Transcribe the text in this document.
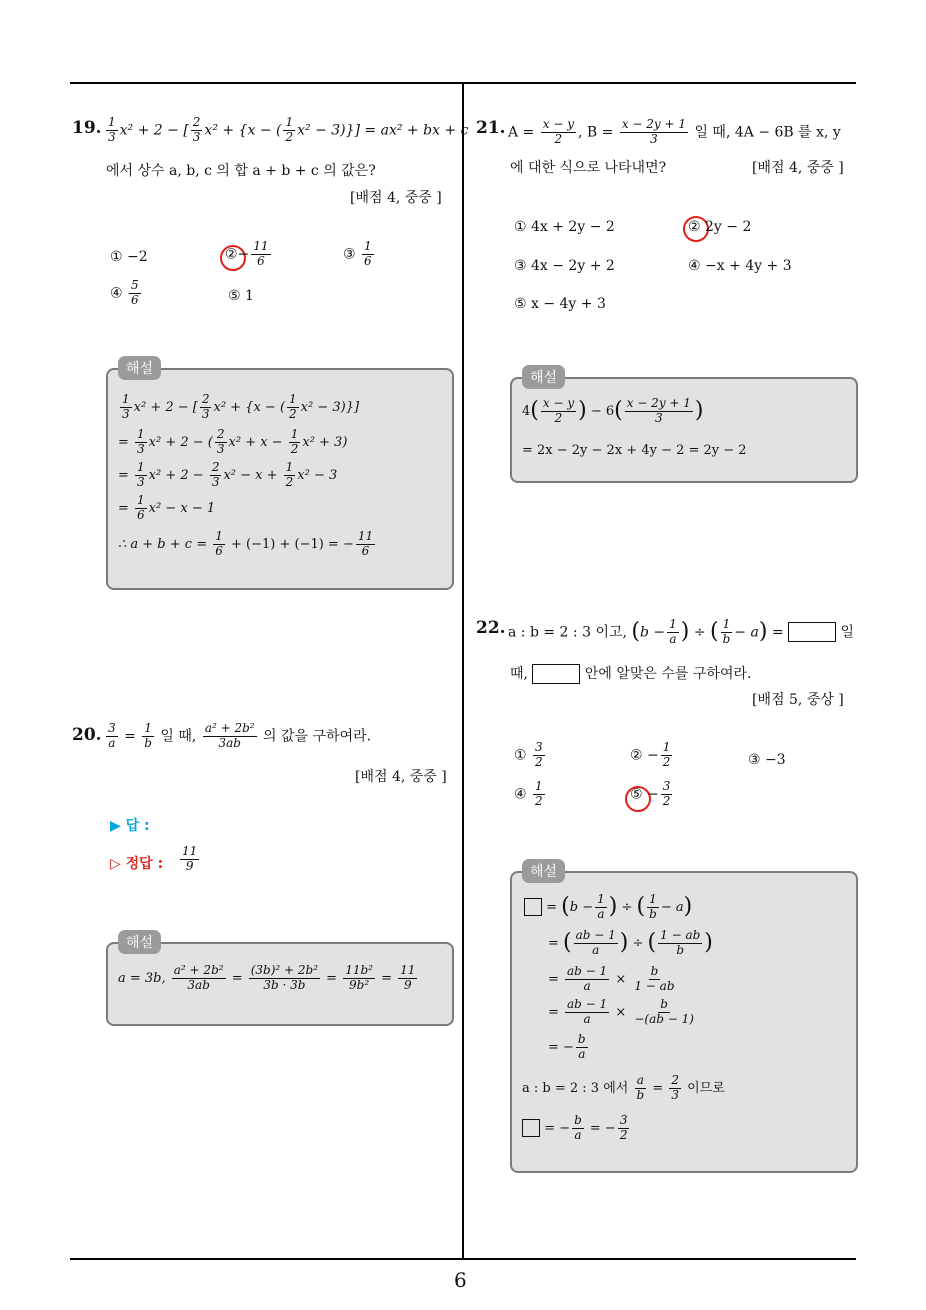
6
19. $\frac{1}{3} x^2 + 2$ − [ $\frac{2}{3} x^2 + \{x$ − ( $\frac{1}{2} x^2 - 3)\}] = ax^2$ + bx + c
에서 상수 a, b, c 의 합 a + b + c 의 값은?
[배점 4, 중중 ]
① −2	②− $\frac{11}{6}$	③ $\frac{1}{6}$
④ $\frac{5}{6}$	⑤ 1
해설
$\frac{1}{3} x^2 + 2$ − [ $\frac{2}{3} x^2 + \{x$ − ( $\frac{1}{2} x^2 - 3$)}]
= $\frac{1}{3} x^2 + 2$ − ( $\frac{2}{3} x^2 + x - \frac{1}{2} x^2 + 3$)
= $\frac{1}{3} x^2 + 2 - \frac{2}{3} x^2 - x + \frac{1}{2} x^2 - 3$
= $\frac{1}{6} x^2 - x - 1$
∴ $a + b + c = \frac{1}{6} + (-1) + (-1)$ = − $\frac{11}{6}$
20. $\frac{3}{a} = \frac{1}{b}$ 일 때, $\frac{\text{a² + 2b²}}{3ab}$ 의 값을 구하여라.
[배점 4, 중중 ]
▶ 답 :
▷ 정답 : $\frac{11}{9}$
해설
a = 3b, $\frac{\text{a² + 2b²}}{3ab} = \frac{\text{(3b)² + 2b²}}{3b \cdot 3b} = \frac{\text{11b²}}{\text{9b²}} = \frac{11}{9}$
21. $A = \frac{x - y}{2}$ , $B = \frac{x - 2y + 1}{3}$ 일 때, 4A − 6B 를 x, y
에 대한 식으로 나타내면?	[배점 4, 중중 ]
① 4x + 2y − 2	② 2y − 2
③ 4x − 2y + 2	④ −x + 4y + 3
⑤ x − 4y + 3
해설
$4( \frac{x - y}{2}$ ) − $6( \frac{x - 2y + 1}{3}$ )
= 2x − 2y − 2x + 4y − 2 = 2y − 2
22. a : b = 2 : 3 이고, ($b - \frac{1}{a}$ ) ÷ ( $\frac{1}{b} - a$) =	일
때,	안에 알맞은 수를 구하여라.
[배점 5, 중상 ]
① $\frac{3}{2}$	② − $\frac{1}{2}$	③ −3
④ $\frac{1}{2}$	⑤ − $\frac{3}{2}$
해설
= ($b - \frac{1}{a}$ ) ÷ ( $\frac{1}{b} - a$)
= ( $\frac{ab - 1}{a}$ ) ÷ ( $\frac{1 - ab}{b}$ )
= $\frac{ab - 1}{a} \times \frac{b}{1 - ab}$
= $\frac{ab - 1}{a} \times \frac{b}{-(ab - 1)}$
= − $\frac{b}{a}$
a : b = 2 : 3 에서 $\frac{a}{b} = \frac{2}{3}$ 이므로
= − $\frac{b}{a}$ = − $\frac{3}{2}$
